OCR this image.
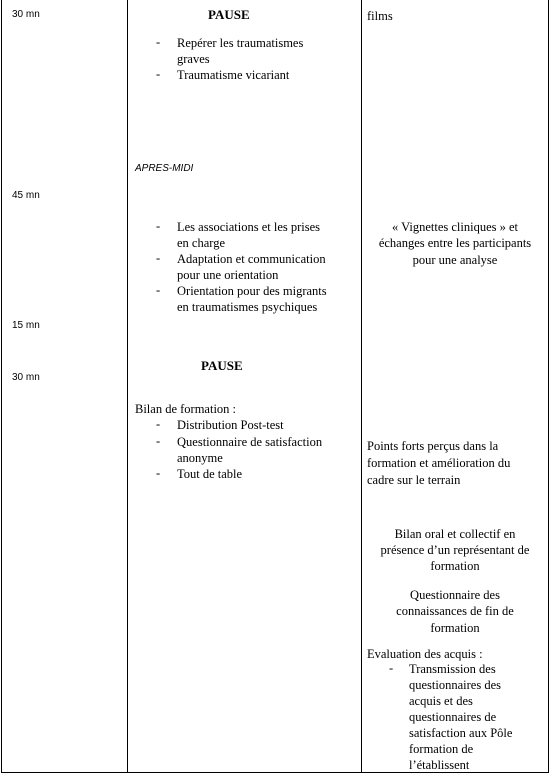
30 mn
45 mn
15 mn
30 mn
PAUSE
- Repérer les traumatismes
graves
- Traumatisme vicariant
APRES-MIDI
- Les associations et les prises
en charge
- Adaptation et communication
pour une orientation
- Orientation pour des migrants
en traumatismes psychiques
PAUSE
Bilan de formation :
- Distribution Post-test
- Questionnaire de satisfaction
anonyme
- Tout de table
films
« Vignettes cliniques » et
échanges entre les participants
pour une analyse
Points forts perçus dans la
formation et amélioration du
cadre sur le terrain
Bilan oral et collectif en
présence d’un représentant de
formation
Questionnaire des
connaissances de fin de
formation
Evaluation des acquis :
- Transmission des
questionnaires des
acquis et des
questionnaires de
satisfaction aux Pôle
formation de
l’établissent
